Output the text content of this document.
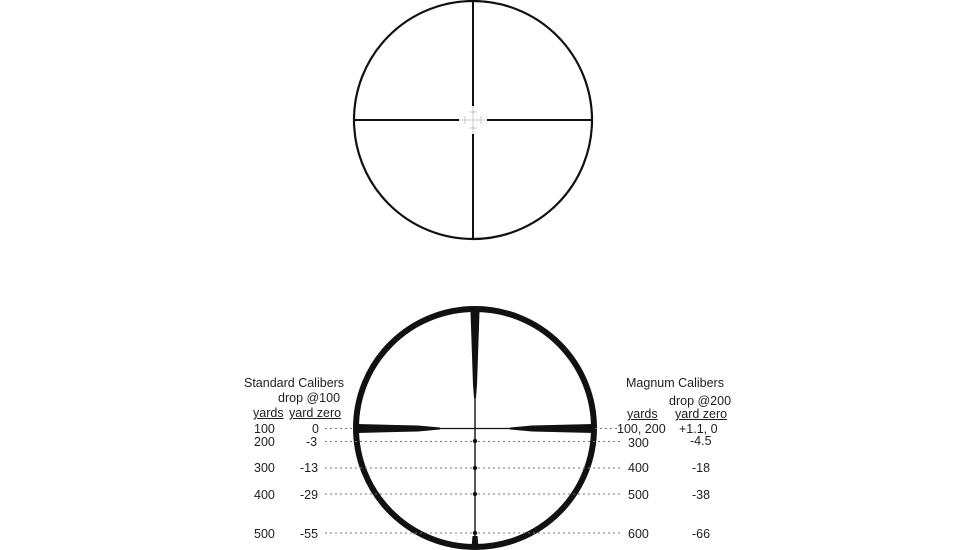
Standard Calibers
drop @100
yards yard zero
100	0
200 -3
300 -13
400 -29
500 -55
Magnum Calibers
drop @200
yards yard zero
100, 200 +1.1, 0
300	-4.5
400	-18
500	-38
600	-66
